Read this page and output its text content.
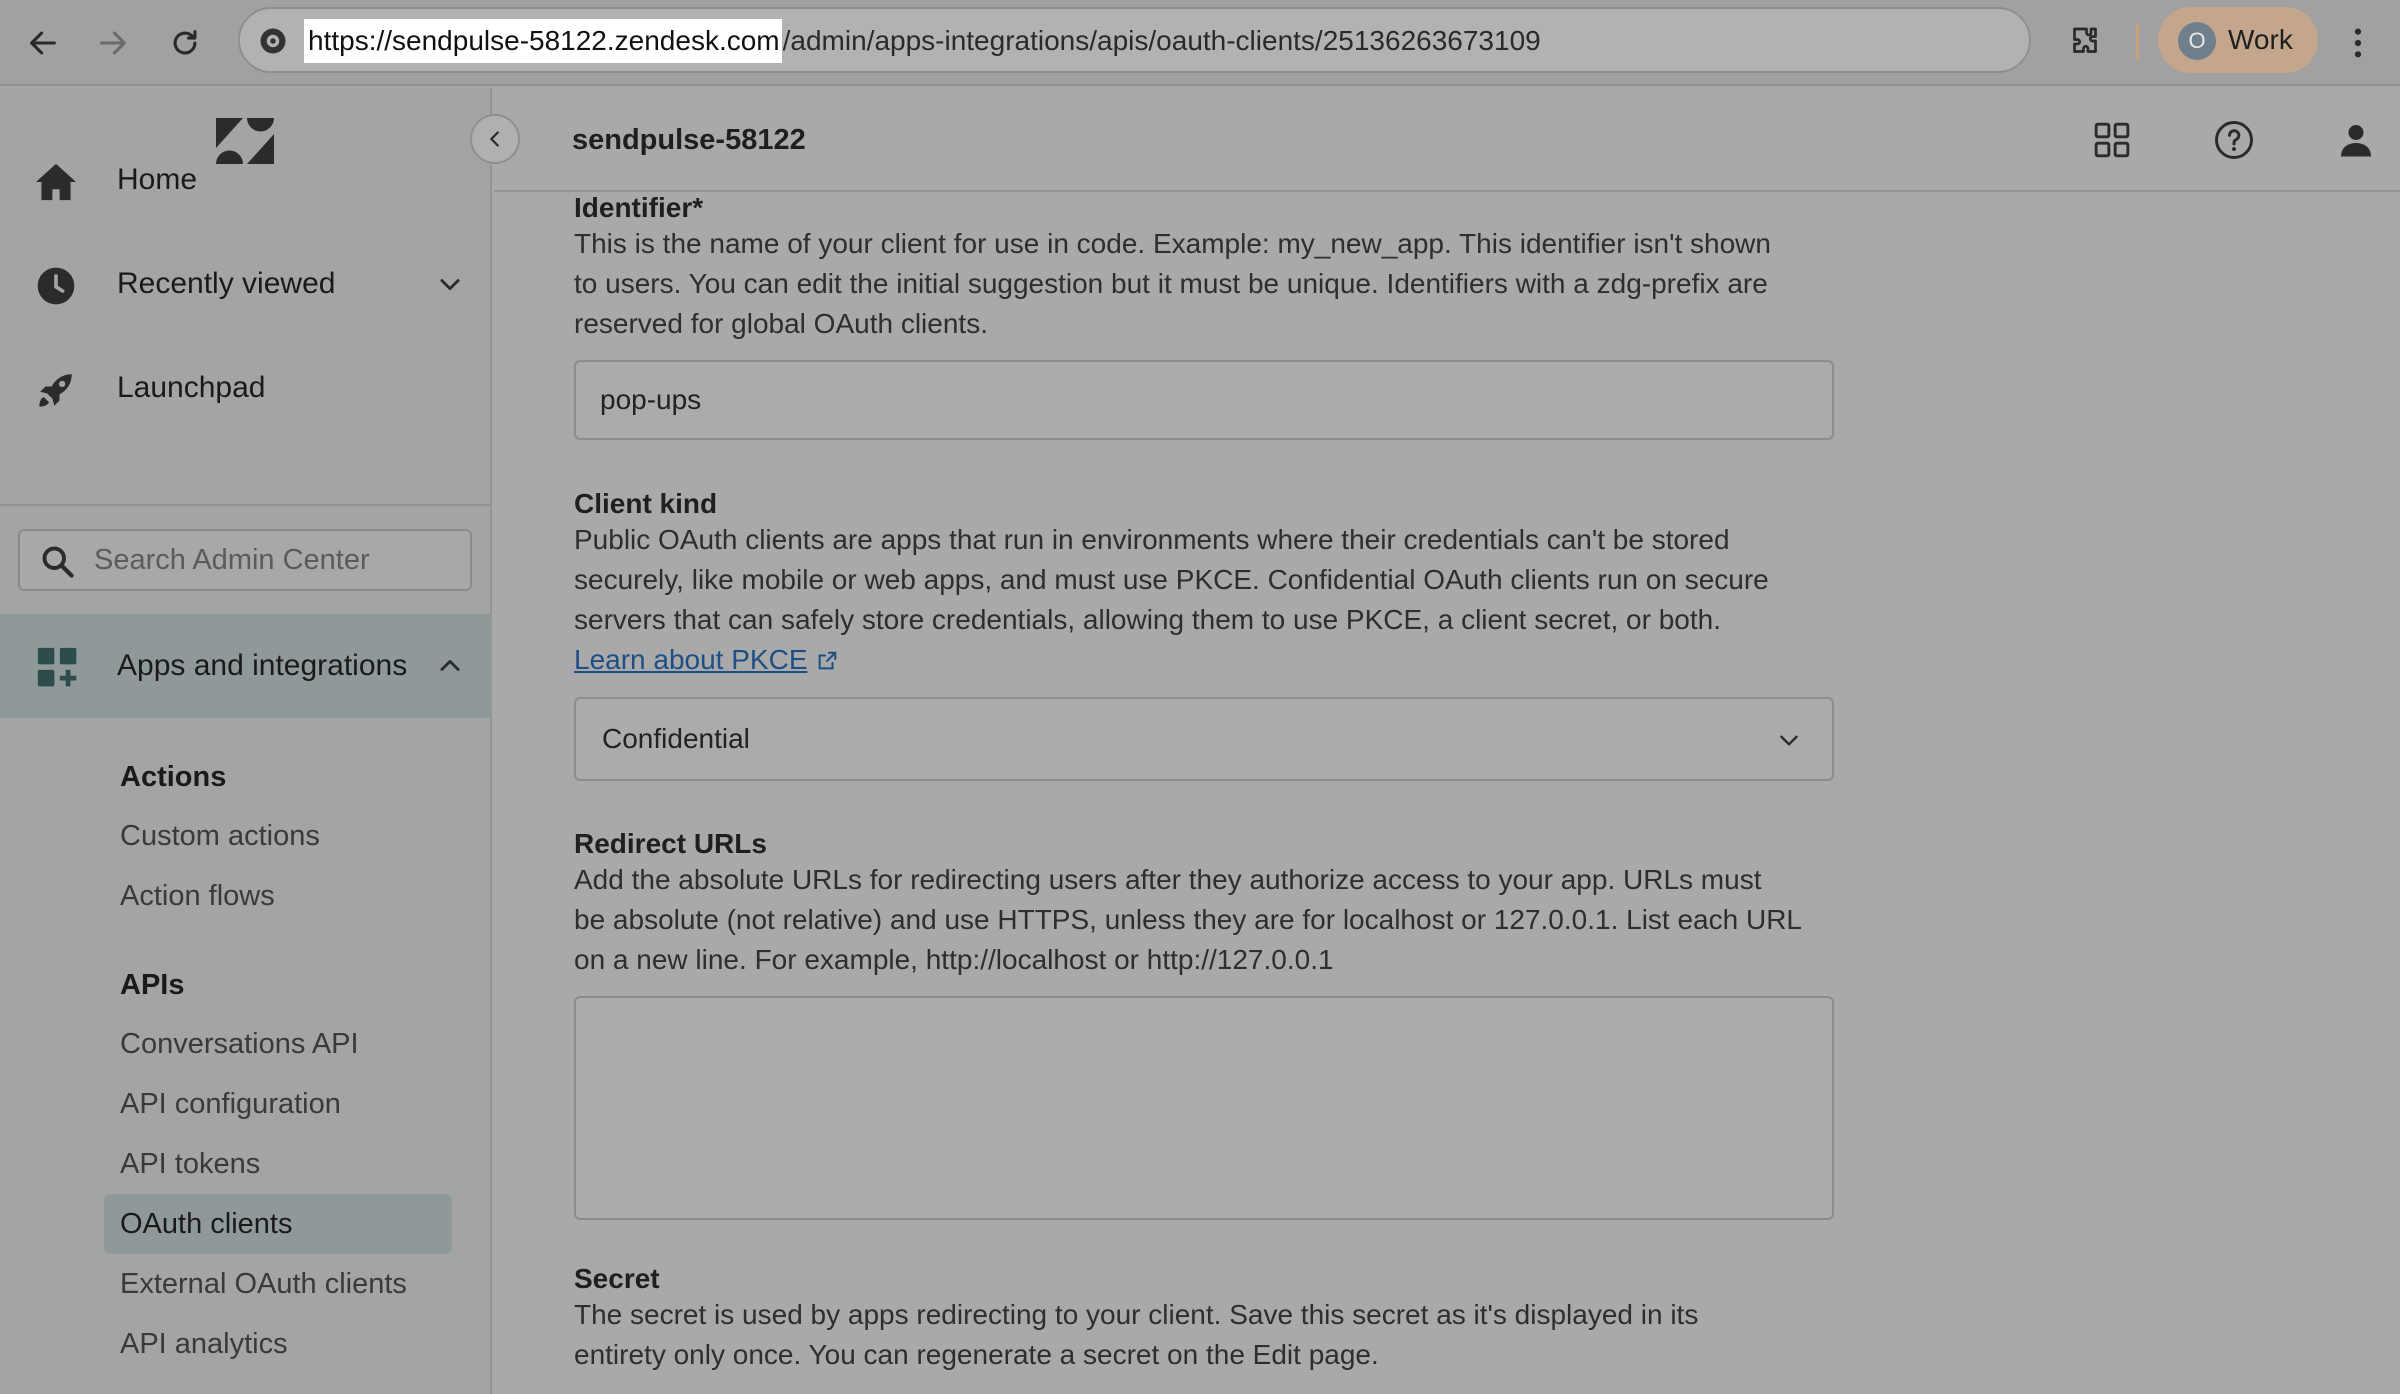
https://sendpulse-58122.zendesk.com /admin/apps-integrations/apis/oauth-clients/25136263673109	O Work
Home
Recently viewed
Launchpad
Search Admin Center
Apps and integrations
Actions
Custom actions
Action flows
APIs
Conversations API
API configuration
API tokens
OAuth clients
External OAuth clients
API analytics
sendpulse-58122
Identifier*
This is the name of your client for use in code. Example: my_new_app. This identifier isn't shown
to users. You can edit the initial suggestion but it must be unique. Identifiers with a zdg-prefix are
reserved for global OAuth clients.
pop-ups
Client kind
Public OAuth clients are apps that run in environments where their credentials can't be stored
securely, like mobile or web apps, and must use PKCE. Confidential OAuth clients run on secure
servers that can safely store credentials, allowing them to use PKCE, a client secret, or both.
Learn about PKCE
Confidential
Redirect URLs
Add the absolute URLs for redirecting users after they authorize access to your app. URLs must
be absolute (not relative) and use HTTPS, unless they are for localhost or 127.0.0.1. List each URL
on a new line. For example, http://localhost or http://127.0.0.1
Secret
The secret is used by apps redirecting to your client. Save this secret as it's displayed in its
entirety only once. You can regenerate a secret on the Edit page.
